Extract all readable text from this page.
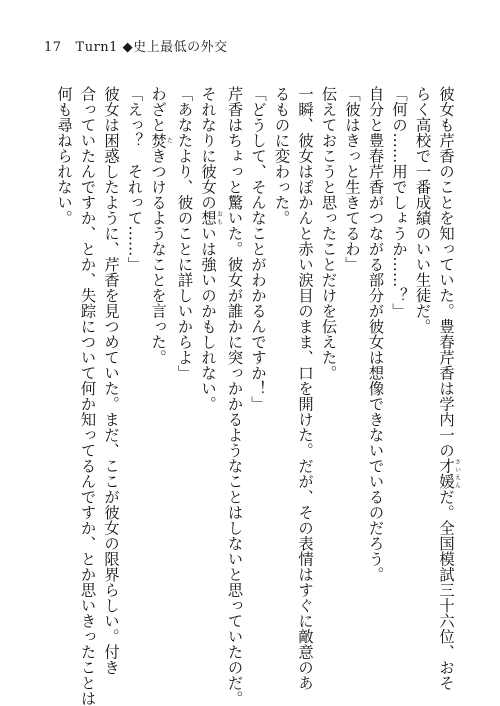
17 Turn1 ◆史上最低の外交
彼女も芹香のことを知っていた。豊春芹香は学内一の才媛さいえんだ。全国模試三十六位、おそ
らく高校で一番成績のいい生徒だ。
「何の……用でしょうか……？」
自分と豊春芹香がつながる部分が彼女は想像できないでいるのだろう。
「彼はきっと生きてるわ」
伝えておこうと思ったことだけを伝えた。
一瞬、彼女はぽかんと赤い涙目のまま、口を開けた。だが、その表情はすぐに敵意のあ
るものに変わった。
「どうして、そんなことがわかるんですか！」
芹香はちょっと驚いた。彼女が誰かに突っかかるようなことはしないと思っていたのだ。
それなりに彼女の想おもいは強いのかもしれない。
「あなたより、彼のことに詳しいからよ」
わざと焚たきつけるようなことを言った。
「えっ？　それって……」
彼女は困惑したように、芹香を見つめていた。まだ、ここが彼女の限界らしい。付き
合っていたんですか、とか、失踪について何か知ってるんですか、とか思いきったことは
何も尋ねられない。
